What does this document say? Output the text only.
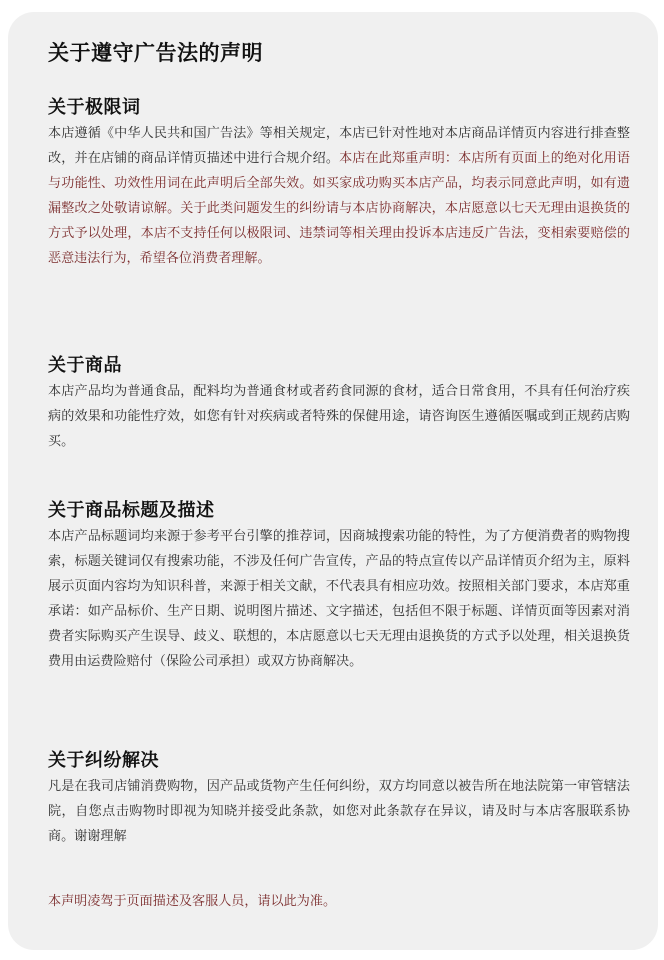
关于遵守广告法的声明
关于极限词

本店遵循《中华人民共和国广告法》等相关规定，本店已针对性地对本店商品详情页内容进行排查整改，并在店铺的商品详情页描述中进行合规介绍。本店在此郑重声明：本店所有页面上的绝对化用语与功能性、功效性用词在此声明后全部失效。如买家成功购买本店产品，均表示同意此声明，如有遗漏整改之处敬请谅解。关于此类问题发生的纠纷请与本店协商解决，本店愿意以七天无理由退换货的方式予以处理，本店不支持任何以极限词、违禁词等相关理由投诉本店违反广告法，变相索要赔偿的恶意违法行为，希望各位消费者理解。

关于商品

本店产品均为普通食品，配料均为普通食材或者药食同源的食材，适合日常食用，不具有任何治疗疾病的效果和功能性疗效，如您有针对疾病或者特殊的保健用途，请咨询医生遵循医嘱或到正规药店购买。

关于商品标题及描述

本店产品标题词均来源于参考平台引擎的推荐词，因商城搜索功能的特性，为了方便消费者的购物搜索，标题关键词仅有搜索功能，不涉及任何广告宣传，产品的特点宣传以产品详情页介绍为主，原料展示页面内容均为知识科普，来源于相关文献，不代表具有相应功效。按照相关部门要求，本店郑重承诺：如产品标价、生产日期、说明图片描述、文字描述，包括但不限于标题、详情页面等因素对消费者实际购买产生误导、歧义、联想的，本店愿意以七天无理由退换货的方式予以处理，相关退换货费用由运费险赔付（保险公司承担）或双方协商解决。

关于纠纷解决

凡是在我司店铺消费购物，因产品或货物产生任何纠纷，双方均同意以被告所在地法院第一审管辖法院，自您点击购物时即视为知晓并接受此条款，如您对此条款存在异议，请及时与本店客服联系协商。谢谢理解

本声明凌驾于页面描述及客服人员，请以此为准。
